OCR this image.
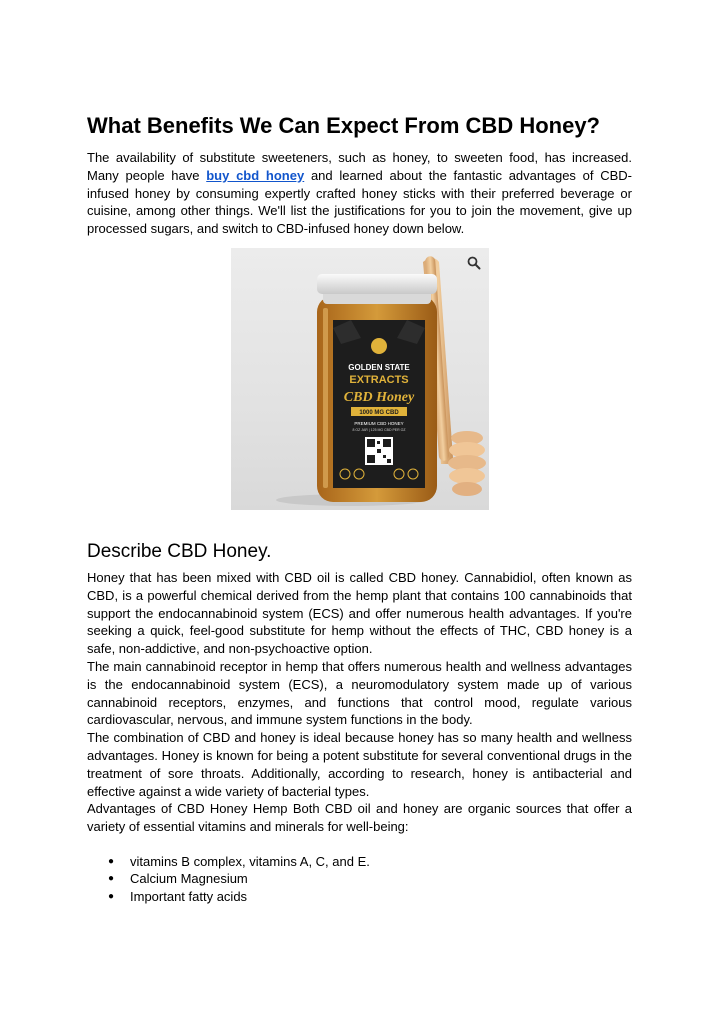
What Benefits We Can Expect From CBD Honey?

The availability of substitute sweeteners, such as honey, to sweeten food, has increased. Many people have buy cbd honey and learned about the fantastic advantages of CBD-infused honey by consuming expertly crafted honey sticks with their preferred beverage or cuisine, among other things. We'll list the justifications for you to join the movement, give up processed sugars, and switch to CBD-infused honey down below.

GOLDEN STATE
EXTRACTS
CBD Honey
1000 MG CBD
PREMIUM CBD HONEY
8 OZ JAR | 125 MG CBD PER OZ
Describe CBD Honey.

Honey that has been mixed with CBD oil is called CBD honey. Cannabidiol, often known as CBD, is a powerful chemical derived from the hemp plant that contains 100 cannabinoids that support the endocannabinoid system (ECS) and offer numerous health advantages. If you're seeking a quick, feel-good substitute for hemp without the effects of THC, CBD honey is a safe, non-addictive, and non-psychoactive option.

The main cannabinoid receptor in hemp that offers numerous health and wellness advantages is the endocannabinoid system (ECS), a neuromodulatory system made up of various cannabinoid receptors, enzymes, and functions that control mood, regulate various cardiovascular, nervous, and immune system functions in the body.

The combination of CBD and honey is ideal because honey has so many health and wellness advantages. Honey is known for being a potent substitute for several conventional drugs in the treatment of sore throats. Additionally, according to research, honey is antibacterial and effective against a wide variety of bacterial types.

Advantages of CBD Honey Hemp Both CBD oil and honey are organic sources that offer a variety of essential vitamins and minerals for well-being:

● vitamins B complex, vitamins A, C, and E.
● Calcium Magnesium
● Important fatty acids
